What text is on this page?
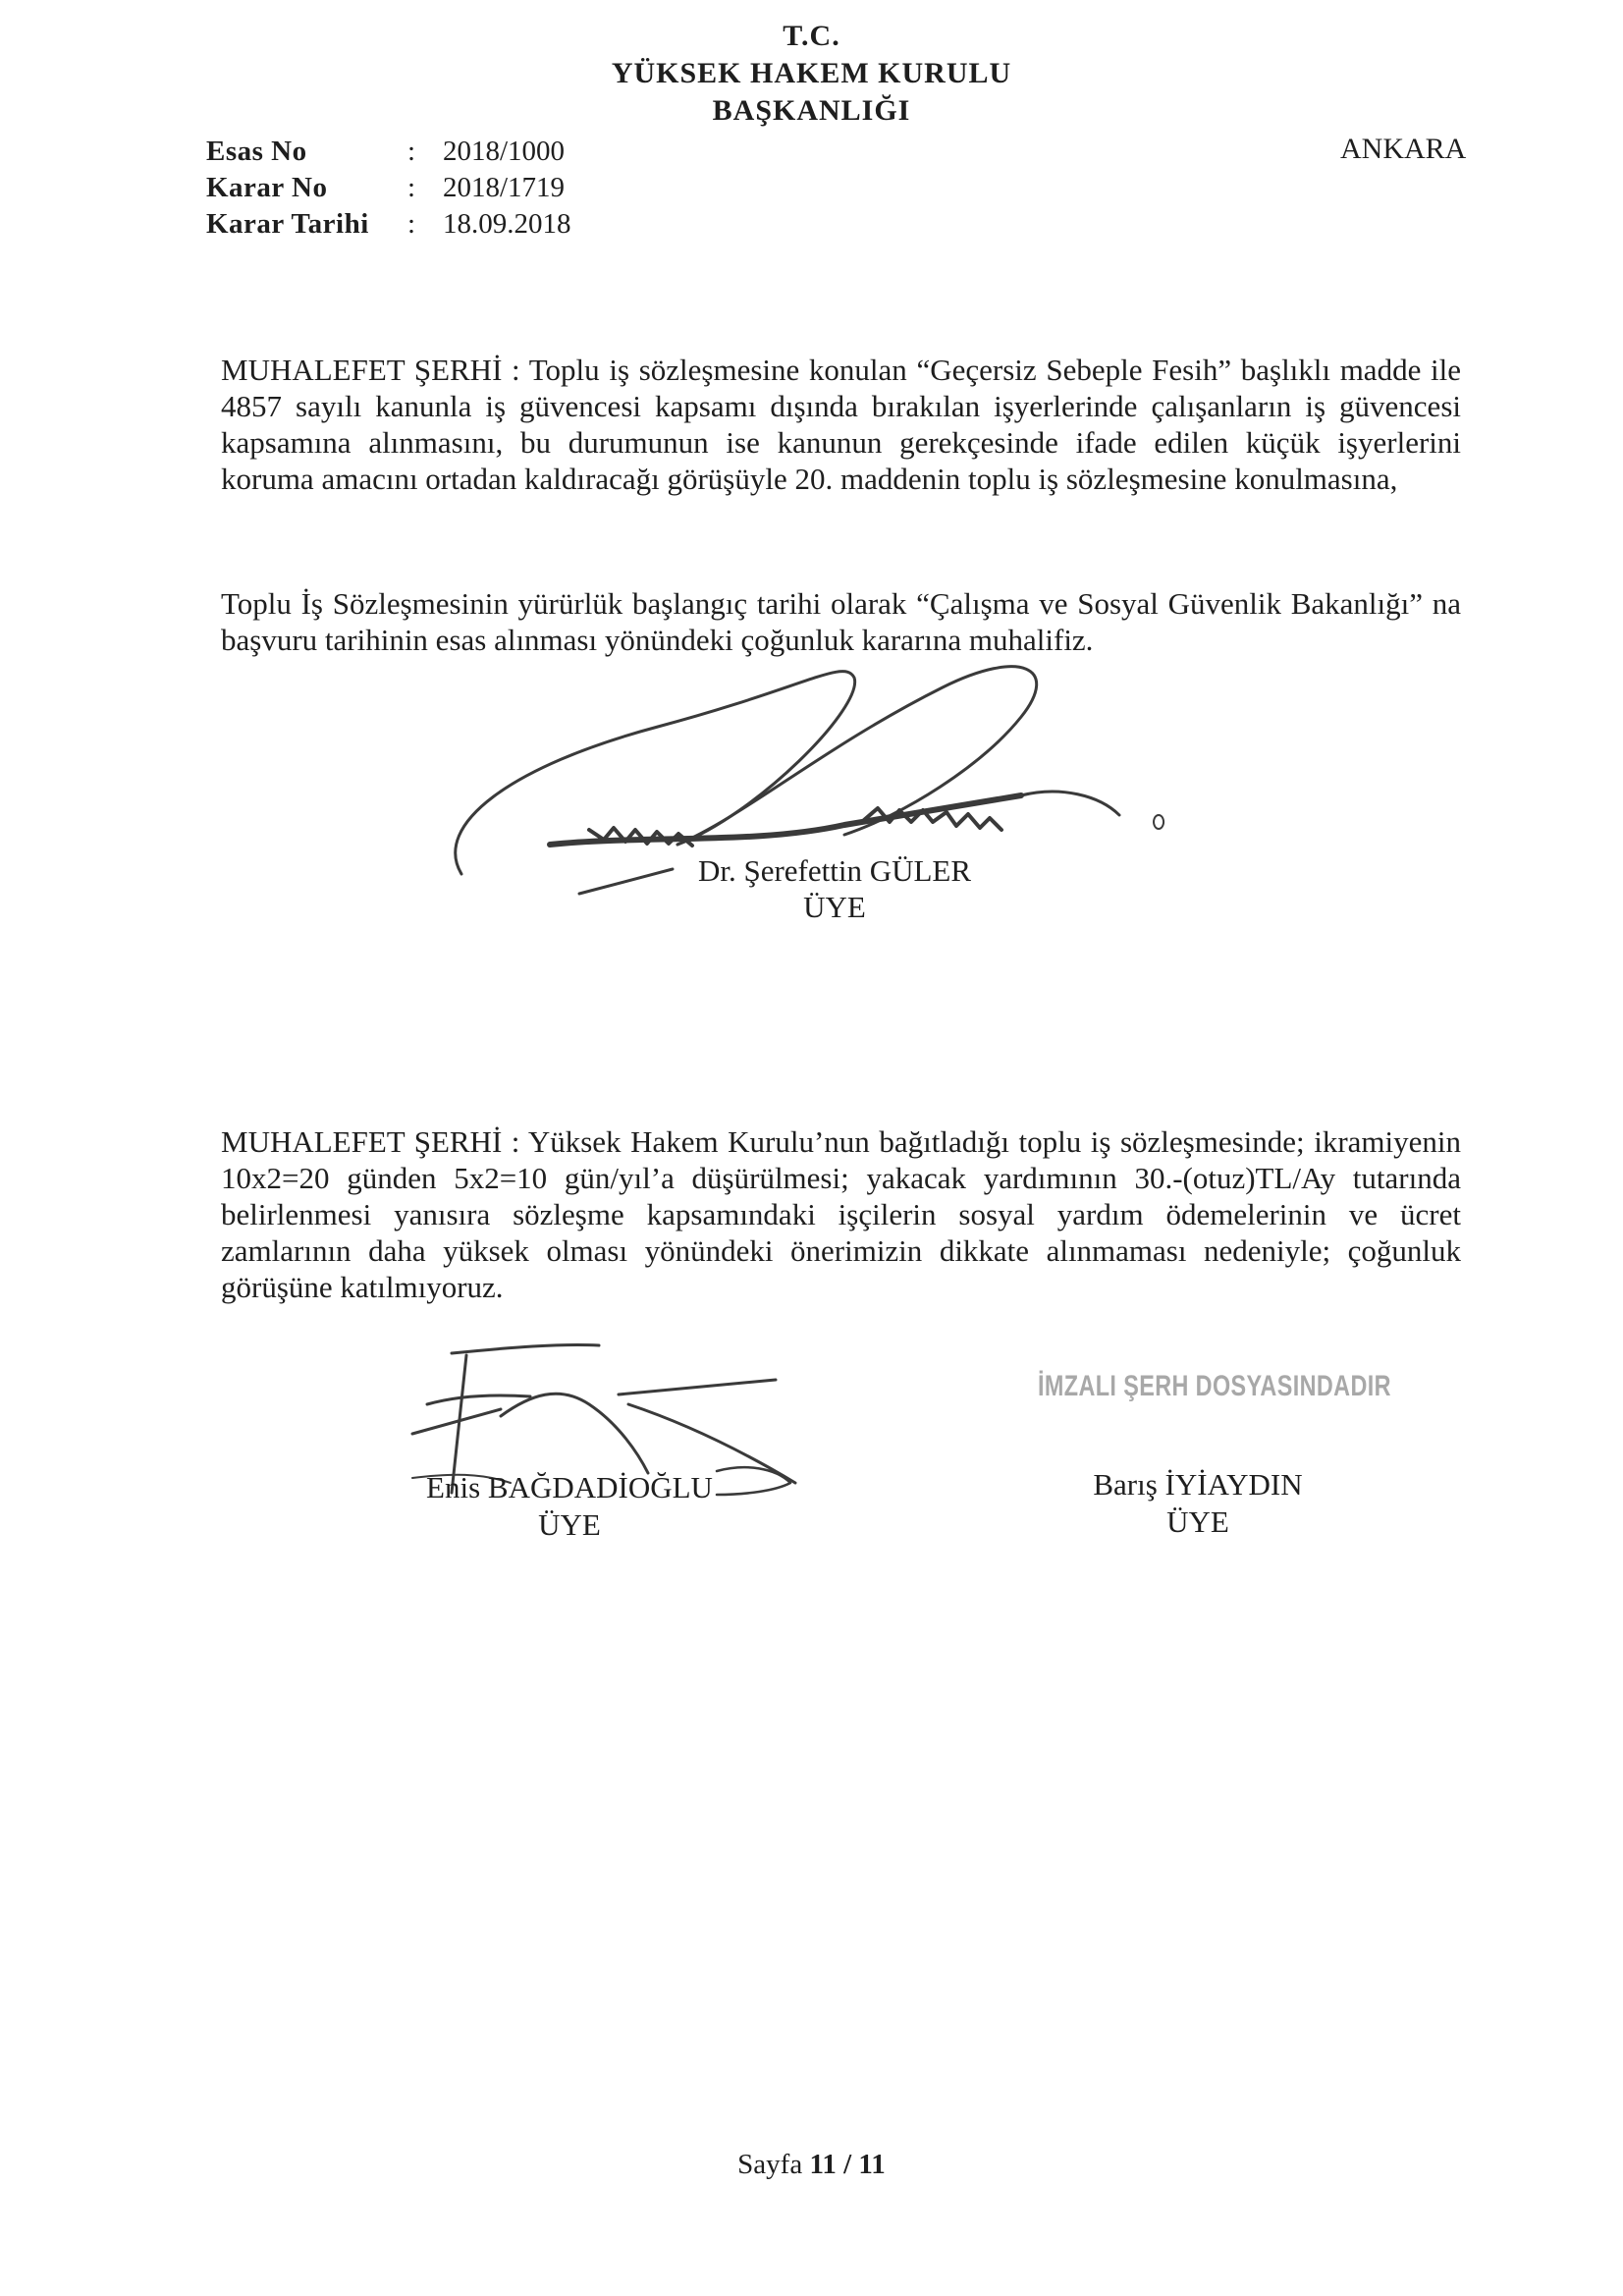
T.C.
YÜKSEK HAKEM KURULU
BAŞKANLIĞI
Esas No	: 2018/1000
Karar No	: 2018/1719
Karar Tarihi	: 18.09.2018
ANKARA
MUHALEFET ŞERHİ : Toplu iş sözleşmesine konulan “Geçersiz Sebeple Fesih” başlıklı madde ile 4857 sayılı kanunla iş güvencesi kapsamı dışında bırakılan işyerlerinde çalışanların iş güvencesi kapsamına alınmasını, bu durumunun ise kanunun gerekçesinde ifade edilen küçük işyerlerini koruma amacını ortadan kaldıracağı görüşüyle 20. maddenin toplu iş sözleşmesine konulmasına,
Toplu İş Sözleşmesinin yürürlük başlangıç tarihi olarak “Çalışma ve Sosyal Güvenlik Bakanlığı” na başvuru tarihinin esas alınması yönündeki çoğunluk kararına muhalifiz.
Dr. Şerefettin GÜLER
ÜYE
MUHALEFET ŞERHİ : Yüksek Hakem Kurulu’nun bağıtladığı toplu iş sözleşmesinde; ikramiyenin 10x2=20 günden 5x2=10 gün/yıl’a düşürülmesi; yakacak yardımının 30.-(otuz)TL/Ay tutarında belirlenmesi yanısıra sözleşme kapsamındaki işçilerin sosyal yardım ödemelerinin ve ücret zamlarının daha yüksek olması yönündeki önerimizin dikkate alınmaması nedeniyle; çoğunluk görüşüne katılmıyoruz.
Enis BAĞDADİOĞLU
ÜYE
İMZALI ŞERH DOSYASINDADIR
Barış İYİAYDIN
ÜYE
Sayfa 11 / 11
